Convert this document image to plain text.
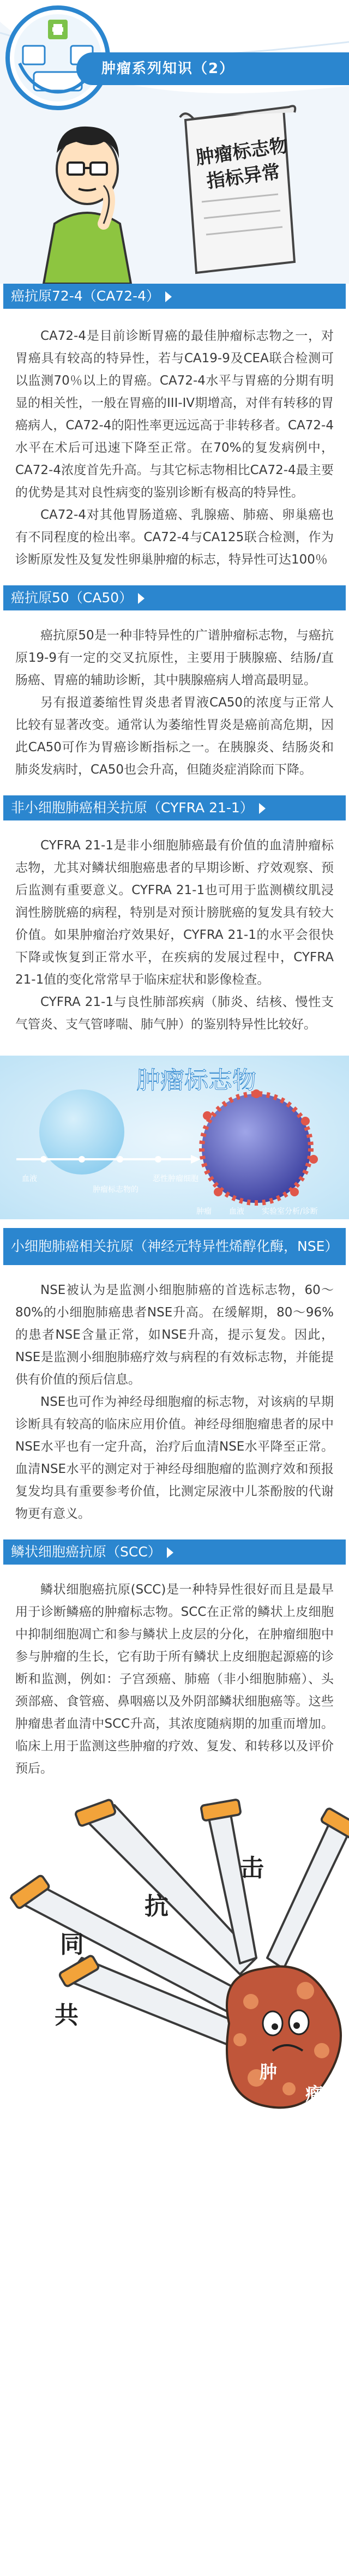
肿瘤系列知识（2）
肿瘤标志物
指标异常
癌抗原72-4（CA72-4）

CA72-4是目前诊断胃癌的最佳肿瘤标志物之一，对胃癌具有较高的特异性，若与CA19-9及CEA联合检测可以监测70％以上的胃癌。CA72-4水平与胃癌的分期有明显的相关性，一般在胃癌的III-IV期增高，对伴有转移的胃癌病人，CA72-4的阳性率更远远高于非转移者。CA72-4水平在术后可迅速下降至正常。在70%的复发病例中，CA72-4浓度首先升高。与其它标志物相比CA72-4最主要的优势是其对良性病变的鉴别诊断有极高的特异性。

CA72-4对其他胃肠道癌、乳腺癌、肺癌、卵巢癌也有不同程度的检出率。CA72-4与CA125联合检测，作为诊断原发性及复发性卵巢肿瘤的标志，特异性可达100％

癌抗原50（CA50）

癌抗原50是一种非特异性的广谱肿瘤标志物，与癌抗原19-9有一定的交叉抗原性，主要用于胰腺癌、结肠/直肠癌、胃癌的辅助诊断，其中胰腺癌病人增高最明显。

另有报道萎缩性胃炎患者胃液CA50的浓度与正常人比较有显著改变。通常认为萎缩性胃炎是癌前高危期，因此CA50可作为胃癌诊断指标之一。在胰腺炎、结肠炎和肺炎发病时，CA50也会升高，但随炎症消除而下降。

非小细胞肺癌相关抗原（CYFRA 21-1）

CYFRA 21-1是非小细胞肺癌最有价值的血清肿瘤标志物，尤其对鳞状细胞癌患者的早期诊断、疗效观察、预后监测有重要意义。CYFRA 21-1也可用于监测横纹肌浸润性膀胱癌的病程，特别是对预计膀胱癌的复发具有较大价值。如果肿瘤治疗效果好，CYFRA 21-1的水平会很快下降或恢复到正常水平，在疾病的发展过程中，CYFRA 21-1值的变化常常早于临床症状和影像检查。

CYFRA 21-1与良性肺部疾病（肺炎、结核、慢性支气管炎、支气管哮喘、肺气肿）的鉴别特异性比较好。

肿瘤标志物
血液
肿瘤标志物的
恶性肿瘤细胞
肿瘤 血液 实验室分析/诊断
小细胞肺癌相关抗原（神经元特异性烯醇化酶，NSE）

NSE被认为是监测小细胞肺癌的首选标志物，60～80%的小细胞肺癌患者NSE升高。在缓解期，80～96%的患者NSE含量正常，如NSE升高，提示复发。因此，NSE是监测小细胞肺癌疗效与病程的有效标志物，并能提供有价值的预后信息。

NSE也可作为神经母细胞瘤的标志物，对该病的早期诊断具有较高的临床应用价值。神经母细胞瘤患者的尿中NSE水平也有一定升高，治疗后血清NSE水平降至正常。血清NSE水平的测定对于神经母细胞瘤的监测疗效和预报复发均具有重要参考价值，比测定尿液中儿茶酚胺的代谢物更有意义。

鳞状细胞癌抗原（SCC）

鳞状细胞癌抗原(SCC)是一种特异性很好而且是最早用于诊断鳞癌的肿瘤标志物。SCC在正常的鳞状上皮细胞中抑制细胞凋亡和参与鳞状上皮层的分化，在肿瘤细胞中参与肿瘤的生长，它有助于所有鳞状上皮细胞起源癌的诊断和监测，例如：子宫颈癌、肺癌（非小细胞肺癌）、头颈部癌、食管癌、鼻咽癌以及外阴部鳞状细胞癌等。这些肿瘤患者血清中SCC升高，其浓度随病期的加重而增加。临床上用于监测这些肿瘤的疗效、复发、和转移以及评价预后。

击
抗
同
共
肿
瘤
